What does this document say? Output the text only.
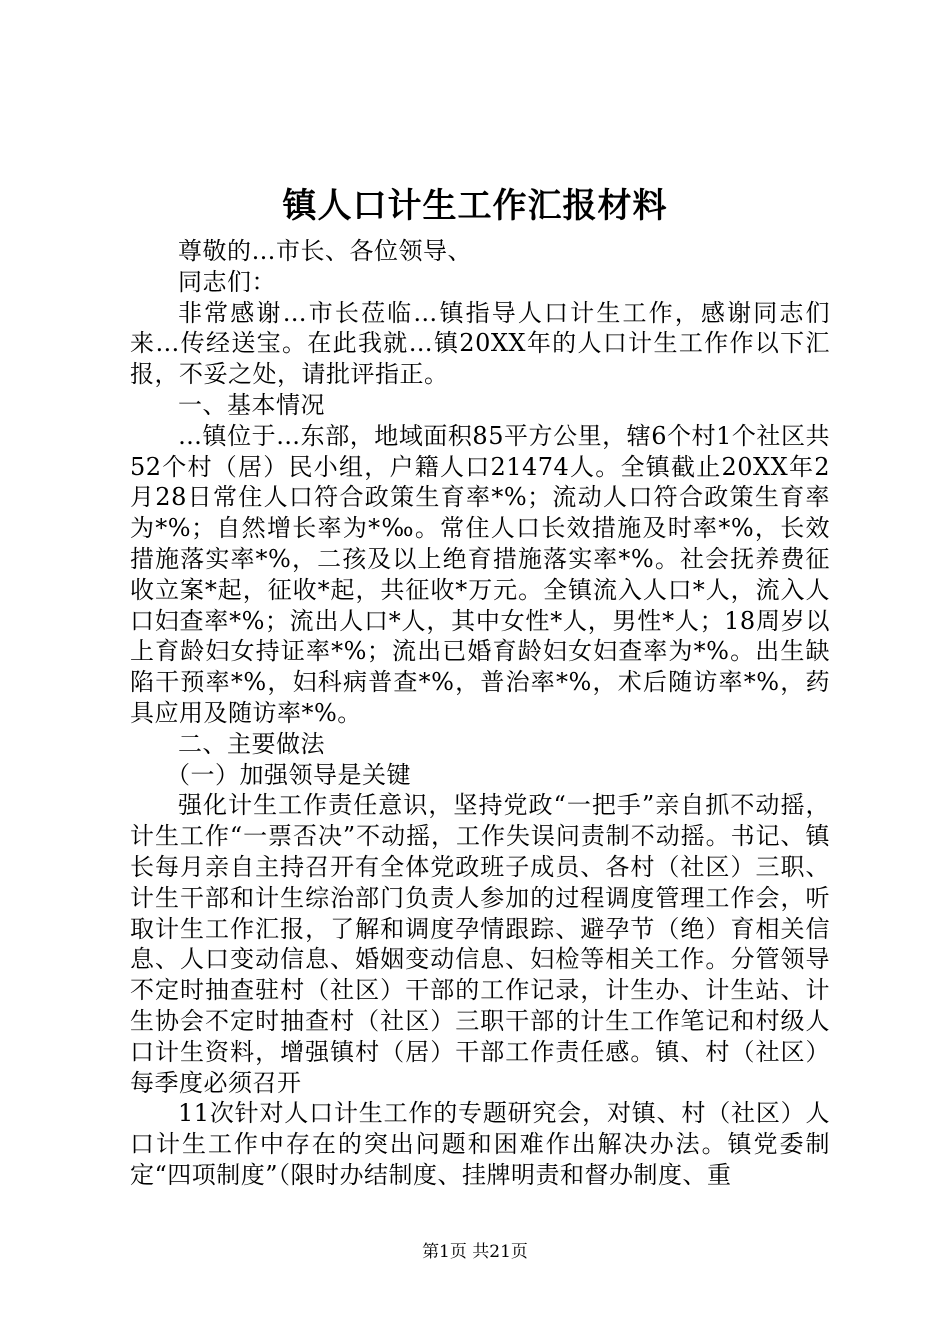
镇人口计生工作汇报材料

尊敬的…市长、各位领导、

同志们：

非常感谢…市长莅临…镇指导人口计生工作，感谢同志们来…传经送宝。在此我就…镇20XX年的人口计生工作作以下汇报，不妥之处，请批评指正。

一、基本情况

…镇位于…东部，地域面积85平方公里，辖6个村1个社区共52个村（居）民小组，户籍人口21474人。全镇截止20XX年2月28日常住人口符合政策生育率*%；流动人口符合政策生育率为*%；自然增长率为*‰。常住人口长效措施及时率*%，长效措施落实率*%，二孩及以上绝育措施落实率*%。社会抚养费征收立案*起，征收*起，共征收*万元。全镇流入人口*人，流入人口妇查率*%；流出人口*人，其中女性*人，男性*人；18周岁以上育龄妇女持证率*%；流出已婚育龄妇女妇查率为*%。出生缺陷干预率*%，妇科病普查*%，普治率*%，术后随访率*%，药具应用及随访率*%。

二、主要做法

（一）加强领导是关键

强化计生工作责任意识，坚持党政“一把手”亲自抓不动摇，计生工作“一票否决”不动摇，工作失误问责制不动摇。书记、镇长每月亲自主持召开有全体党政班子成员、各村（社区）三职、计生干部和计生综治部门负责人参加的过程调度管理工作会，听取计生工作汇报，了解和调度孕情跟踪、避孕节（绝）育相关信息、人口变动信息、婚姻变动信息、妇检等相关工作。分管领导不定时抽查驻村（社区）干部的工作记录，计生办、计生站、计生协会不定时抽查村（社区）三职干部的计生工作笔记和村级人口计生资料，增强镇村（居）干部工作责任感。镇、村（社区）每季度必须召开

11次针对人口计生工作的专题研究会，对镇、村（社区）人口计生工作中存在的突出问题和困难作出解决办法。镇党委制定“四项制度”（限时办结制度、挂牌明责和督办制度、重

第1页 共21页
